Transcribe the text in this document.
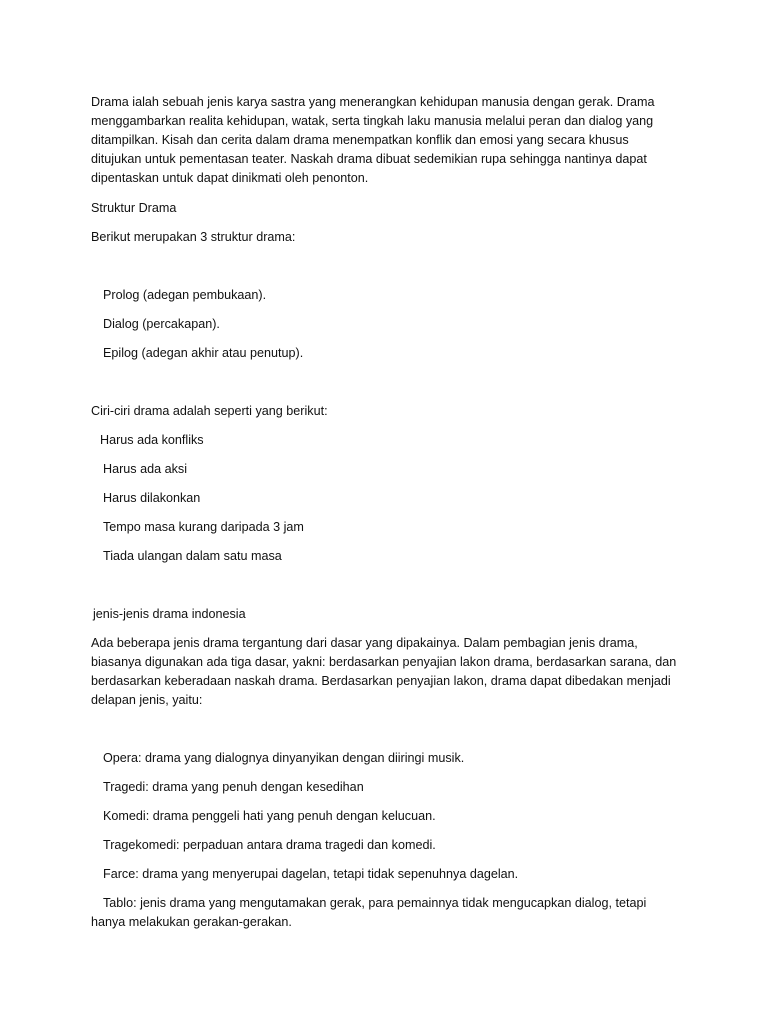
Drama ialah sebuah jenis karya sastra yang menerangkan kehidupan manusia dengan gerak. Drama

menggambarkan realita kehidupan, watak, serta tingkah laku manusia melalui peran dan dialog yang

ditampilkan. Kisah dan cerita dalam drama menempatkan konflik dan emosi yang secara khusus

ditujukan untuk pementasan teater. Naskah drama dibuat sedemikian rupa sehingga nantinya dapat

dipentaskan untuk dapat dinikmati oleh penonton.

Struktur Drama

Berikut merupakan 3 struktur drama:

Prolog (adegan pembukaan).

Dialog (percakapan).

Epilog (adegan akhir atau penutup).

Ciri-ciri drama adalah seperti yang berikut:

Harus ada konfliks

Harus ada aksi

Harus dilakonkan

Tempo masa kurang daripada 3 jam

Tiada ulangan dalam satu masa

jenis-jenis drama indonesia

Ada beberapa jenis drama tergantung dari dasar yang dipakainya. Dalam pembagian jenis drama,

biasanya digunakan ada tiga dasar, yakni: berdasarkan penyajian lakon drama, berdasarkan sarana, dan

berdasarkan keberadaan naskah drama. Berdasarkan penyajian lakon, drama dapat dibedakan menjadi

delapan jenis, yaitu:

Opera: drama yang dialognya dinyanyikan dengan diiringi musik.

Tragedi: drama yang penuh dengan kesedihan

Komedi: drama penggeli hati yang penuh dengan kelucuan.

Tragekomedi: perpaduan antara drama tragedi dan komedi.

Farce: drama yang menyerupai dagelan, tetapi tidak sepenuhnya dagelan.

Tablo: jenis drama yang mengutamakan gerak, para pemainnya tidak mengucapkan dialog, tetapi

hanya melakukan gerakan-gerakan.
